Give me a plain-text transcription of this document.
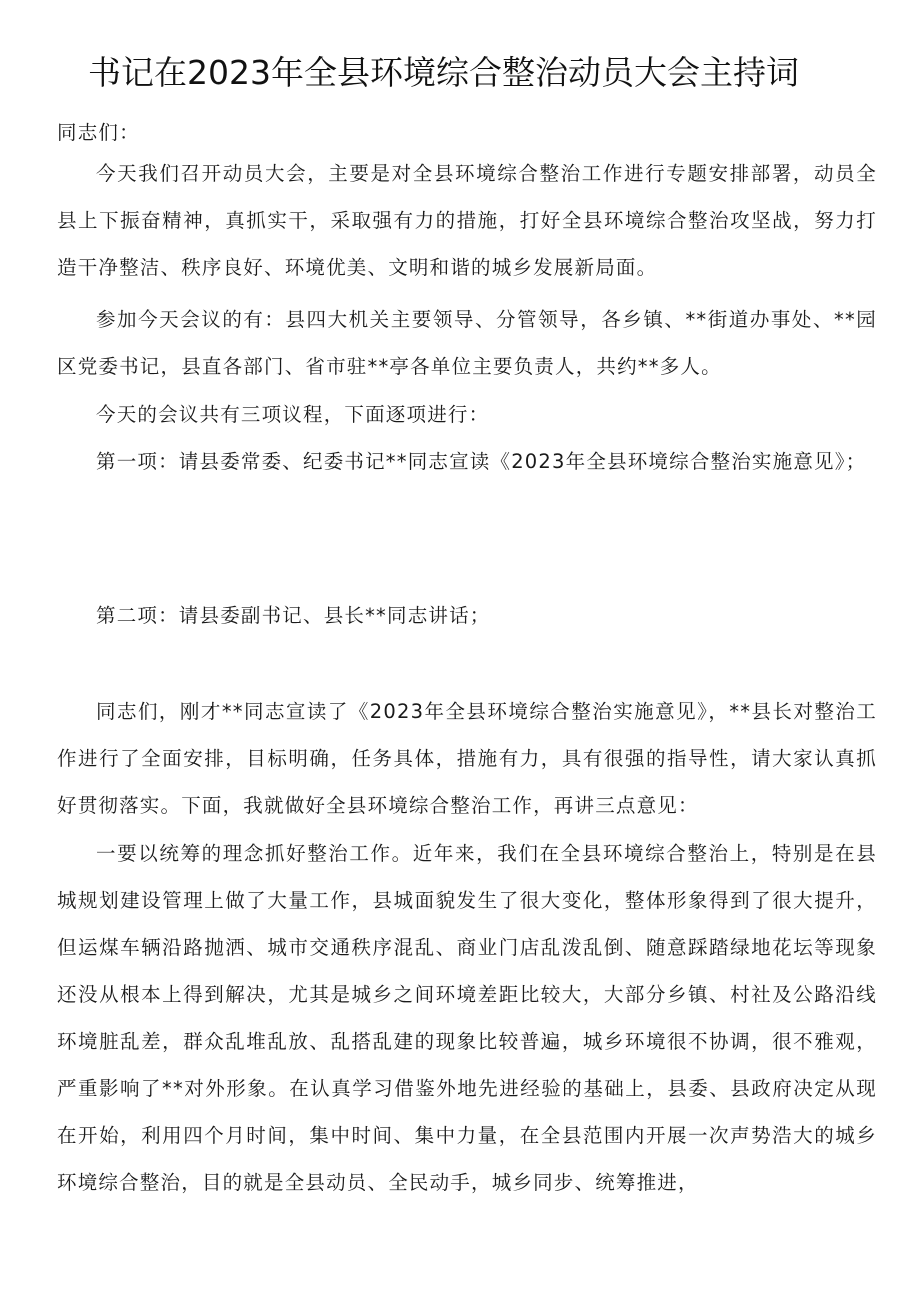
书记在2023年全县环境综合整治动员大会主持词

同志们：

今天我们召开动员大会，主要是对全县环境综合整治工作进行专题安排部署，动员全县上下振奋精神，真抓实干，采取强有力的措施，打好全县环境综合整治攻坚战，努力打造干净整洁、秩序良好、环境优美、文明和谐的城乡发展新局面。

参加今天会议的有：县四大机关主要领导、分管领导，各乡镇、**街道办事处、**园区党委书记，县直各部门、省市驻**亭各单位主要负责人，共约**多人。

今天的会议共有三项议程，下面逐项进行：

第一项：请县委常委、纪委书记**同志宣读《2023年全县环境综合整治实施意见》；

第二项：请县委副书记、县长**同志讲话；

同志们，刚才**同志宣读了《2023年全县环境综合整治实施意见》，**县长对整治工作进行了全面安排，目标明确，任务具体，措施有力，具有很强的指导性，请大家认真抓好贯彻落实。下面，我就做好全县环境综合整治工作，再讲三点意见：

一要以统筹的理念抓好整治工作。近年来，我们在全县环境综合整治上，特别是在县城规划建设管理上做了大量工作，县城面貌发生了很大变化，整体形象得到了很大提升，但运煤车辆沿路抛洒、城市交通秩序混乱、商业门店乱泼乱倒、随意踩踏绿地花坛等现象还没从根本上得到解决，尤其是城乡之间环境差距比较大，大部分乡镇、村社及公路沿线环境脏乱差，群众乱堆乱放、乱搭乱建的现象比较普遍，城乡环境很不协调，很不雅观，严重影响了**对外形象。在认真学习借鉴外地先进经验的基础上，县委、县政府决定从现在开始，利用四个月时间，集中时间、集中力量，在全县范围内开展一次声势浩大的城乡环境综合整治，目的就是全县动员、全民动手，城乡同步、统筹推进，
